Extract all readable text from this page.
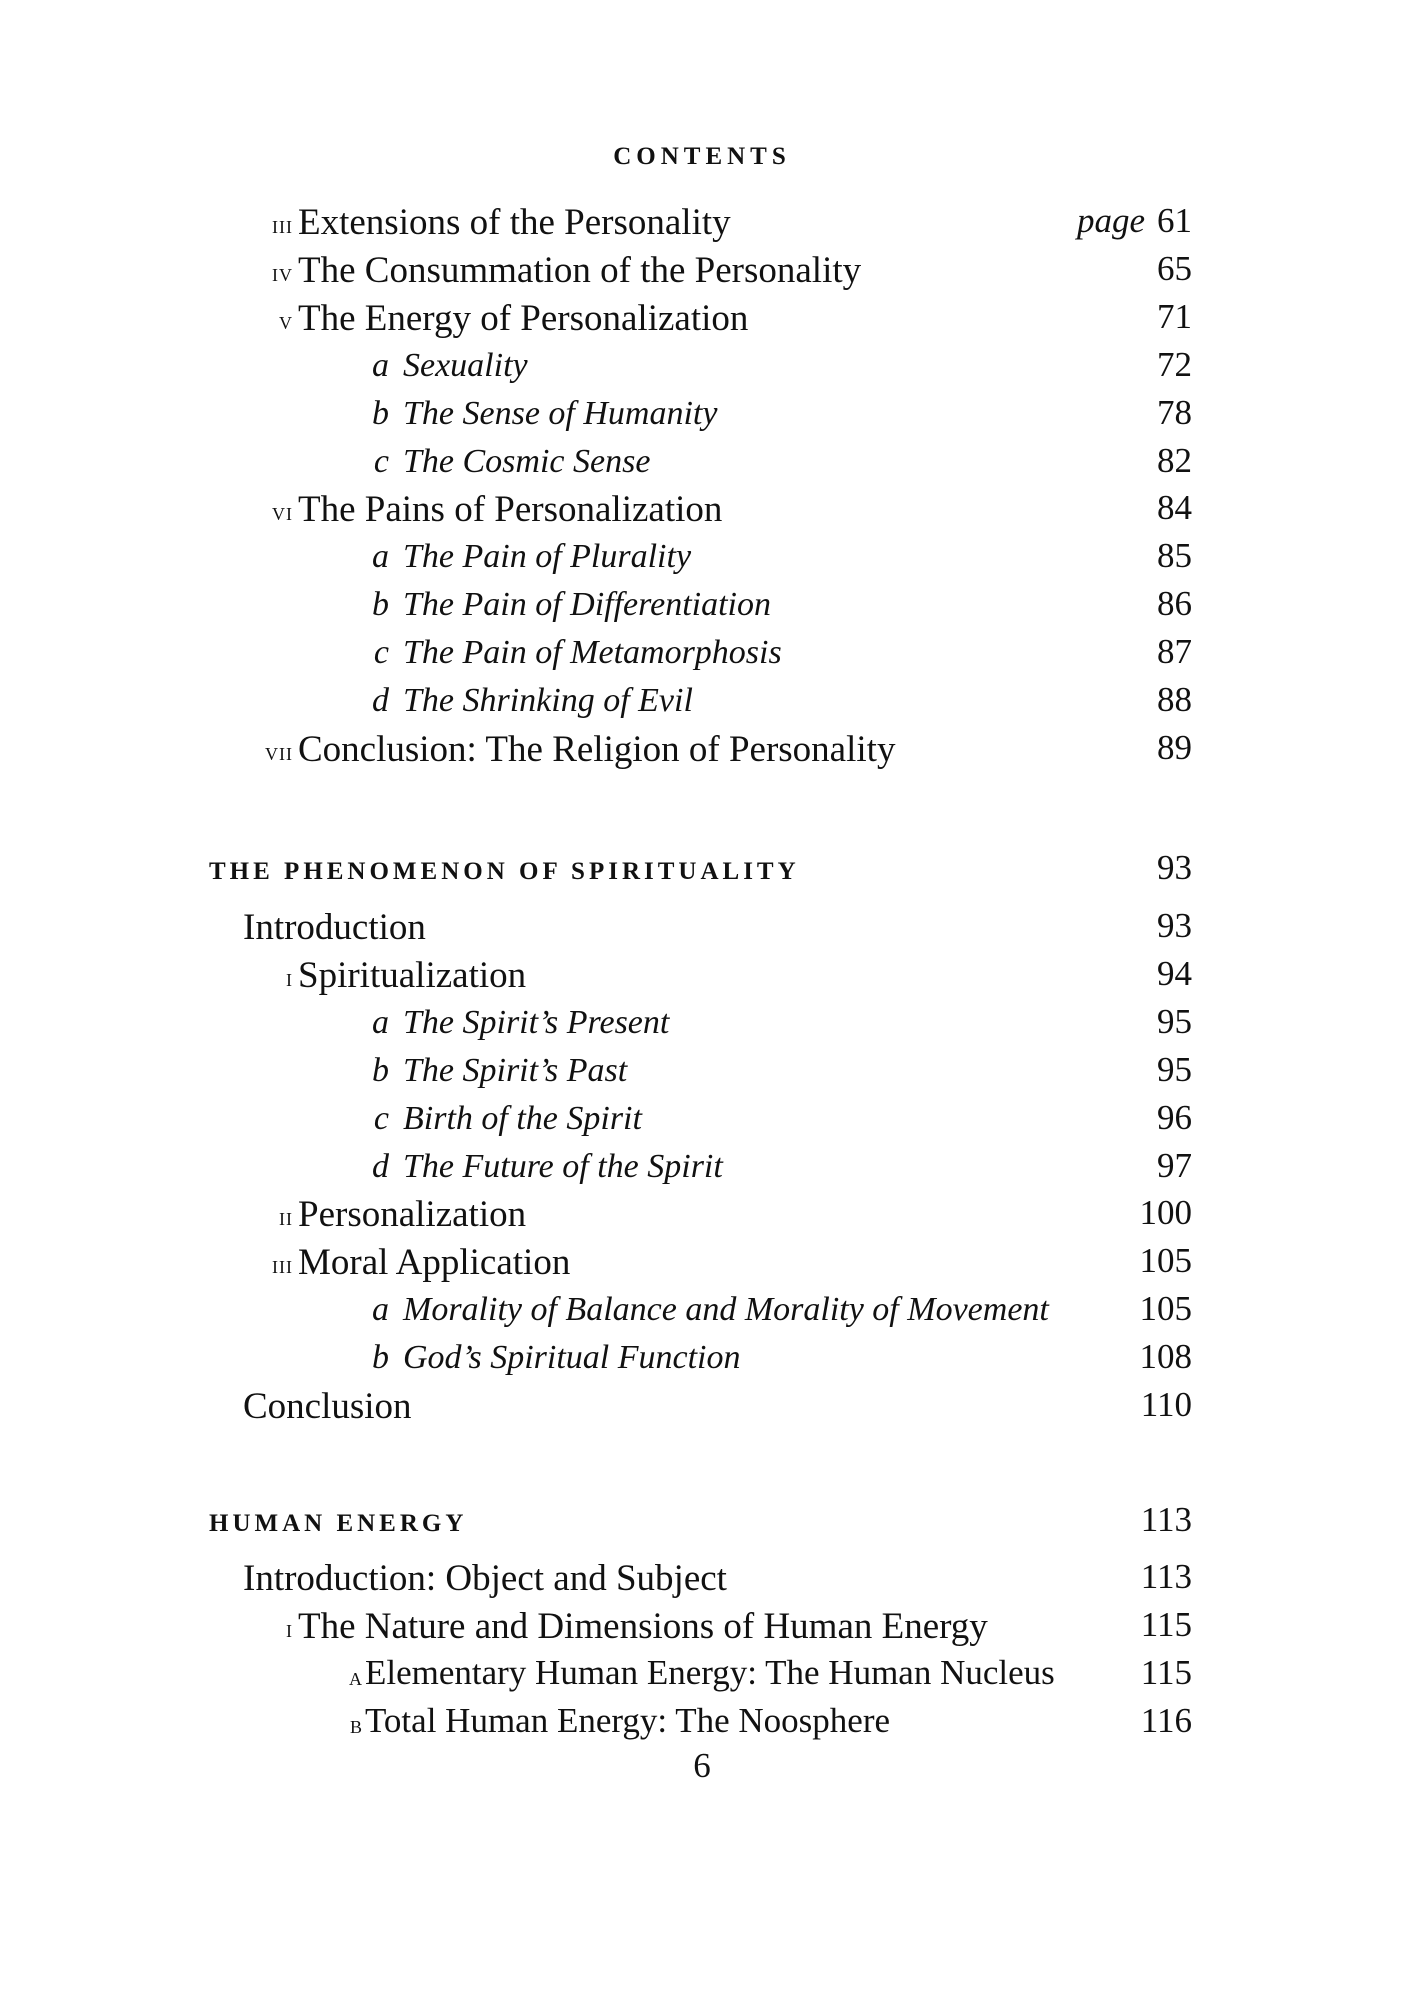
CONTENTS
iii Extensions of the Personality	page 61
iv The Consummation of the Personality	65
v The Energy of Personalization	71
a Sexuality	72
b The Sense of Humanity	78
c The Cosmic Sense	82
vi The Pains of Personalization	84
a The Pain of Plurality	85
b The Pain of Differentiation	86
c The Pain of Metamorphosis	87
d The Shrinking of Evil	88
vii Conclusion: The Religion of Personality	89
THE PHENOMENON OF SPIRITUALITY	93
Introduction	93
i Spiritualization	94
a The Spirit’s Present	95
b The Spirit’s Past	95
c Birth of the Spirit	96
d The Future of the Spirit	97
ii Personalization	100
iii Moral Application	105
a Morality of Balance and Morality of Movement	105
b God’s Spiritual Function	108
Conclusion	110
HUMAN ENERGY	113
Introduction: Object and Subject	113
i The Nature and Dimensions of Human Energy	115
a Elementary Human Energy: The Human Nucleus 115
b Total Human Energy: The Noosphere	116
6
